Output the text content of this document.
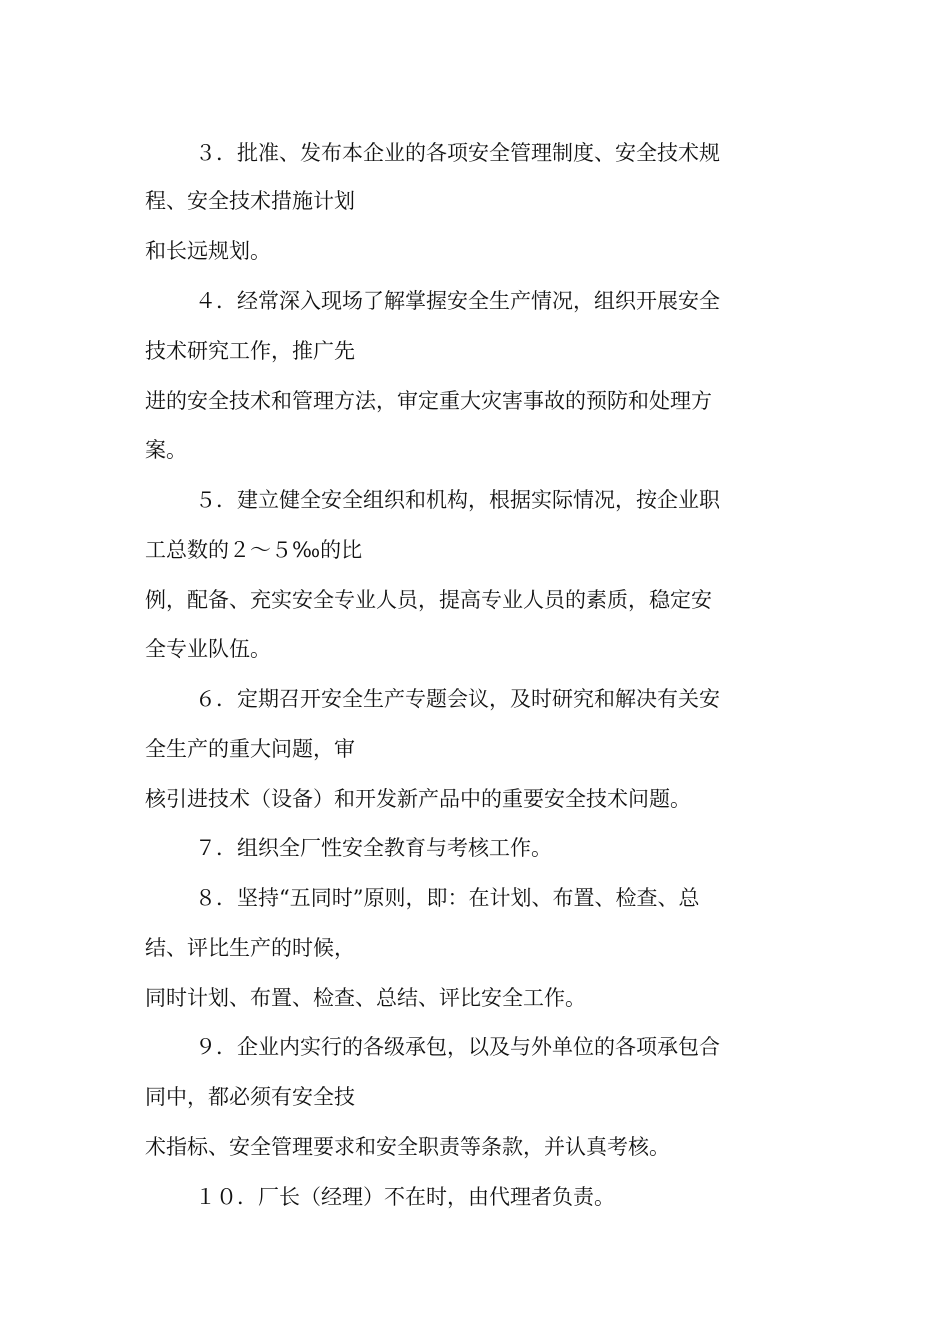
３．批准、发布本企业的各项安全管理制度、安全技术规
程、安全技术措施计划
和长远规划。
４．经常深入现场了解掌握安全生产情况，组织开展安全
技术研究工作，推广先
进的安全技术和管理方法，审定重大灾害事故的预防和处理方
案。
５．建立健全安全组织和机构，根据实际情况，按企业职
工总数的２～５‰的比
例，配备、充实安全专业人员，提高专业人员的素质，稳定安
全专业队伍。
６．定期召开安全生产专题会议，及时研究和解决有关安
全生产的重大问题，审
核引进技术（设备）和开发新产品中的重要安全技术问题。
７．组织全厂性安全教育与考核工作。
８．坚持“五同时”原则，即：在计划、布置、检查、总
结、评比生产的时候，
同时计划、布置、检查、总结、评比安全工作。
９．企业内实行的各级承包，以及与外单位的各项承包合
同中，都必须有安全技
术指标、安全管理要求和安全职责等条款，并认真考核。
１０．厂长（经理）不在时，由代理者负责。
